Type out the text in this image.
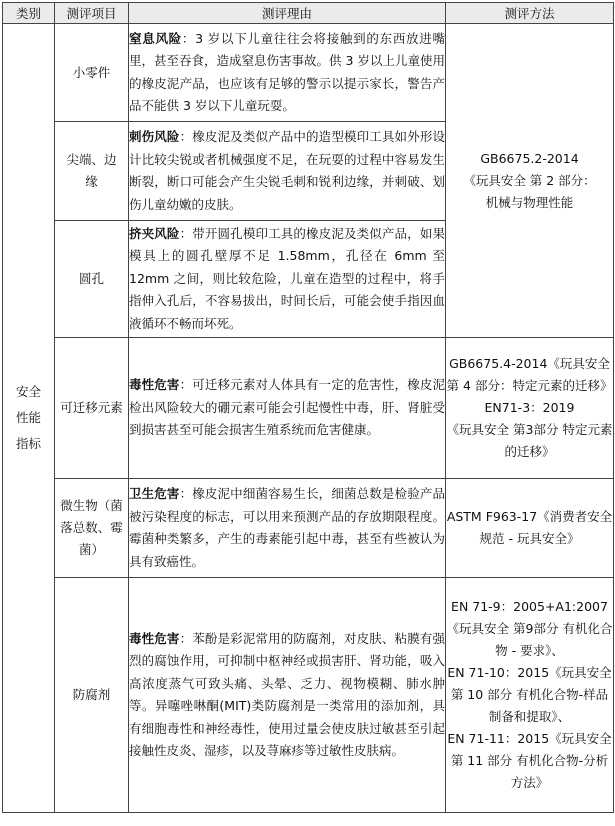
类别	测评项目	测评理由	测评方法

安全性能指标	小零件	窒息风险：3 岁以下儿童往往会将接触到的东西放进嘴里，甚至吞食，造成窒息伤害事故。供 3 岁以上儿童使用的橡皮泥产品，也应该有足够的警示以提示家长，警告产品不能供 3 岁以下儿童玩耍。	GB6675.2-2014
《玩具安全 第 2 部分：
机械与物理性能

	尖端、边缘	刺伤风险：橡皮泥及类似产品中的造型模印工具如外形设计比较尖锐或者机械强度不足，在玩耍的过程中容易发生断裂，断口可能会产生尖锐毛刺和锐利边缘，并刺破、划伤儿童幼嫩的皮肤。	
	圆孔	挤夹风险：带开圆孔模印工具的橡皮泥及类似产品，如果模具上的圆孔壁厚不足 1.58mm，孔径在 6mm 至 12mm 之间，则比较危险，儿童在造型的过程中，将手指伸入孔后，不容易拔出，时间长后，可能会使手指因血液循环不畅而坏死。	

	可迁移元素	毒性危害：可迁移元素对人体具有一定的危害性，橡皮泥检出风险较大的硼元素可能会引起慢性中毒，肝、肾脏受到损害甚至可能会损害生殖系统而危害健康。	GB6675.4-2014《玩具安全 第 4 部分：特定元素的迁移》
EN71-3：2019
《玩具安全 第3部分 特定元素的迁移》

	微生物（菌落总数、霉菌）	卫生危害：橡皮泥中细菌容易生长，细菌总数是检验产品被污染程度的标志，可以用来预测产品的存放期限程度。霉菌种类繁多，产生的毒素能引起中毒，甚至有些被认为具有致癌性。	ASTM F963-17《消费者安全规范 - 玩具安全》

	防腐剂	毒性危害：苯酚是彩泥常用的防腐剂，对皮肤、粘膜有强烈的腐蚀作用，可抑制中枢神经或损害肝、肾功能，吸入高浓度蒸气可致头痛、头晕、乏力、视物模糊、肺水肿等。异噻唑啉酮(MIT)类防腐剂是一类常用的添加剂，具有细胞毒性和神经毒性，使用过量会使皮肤过敏甚至引起接触性皮炎、湿疹，以及荨麻疹等过敏性皮肤病。	EN 71-9：2005+A1:2007《玩具安全 第9部分 有机化合物 - 要求》、
EN 71-10：2015《玩具安全 第 10 部分 有机化合物-样品制备和提取》、
EN 71-11：2015《玩具安全 第 11 部分 有机化合物-分析方法》
